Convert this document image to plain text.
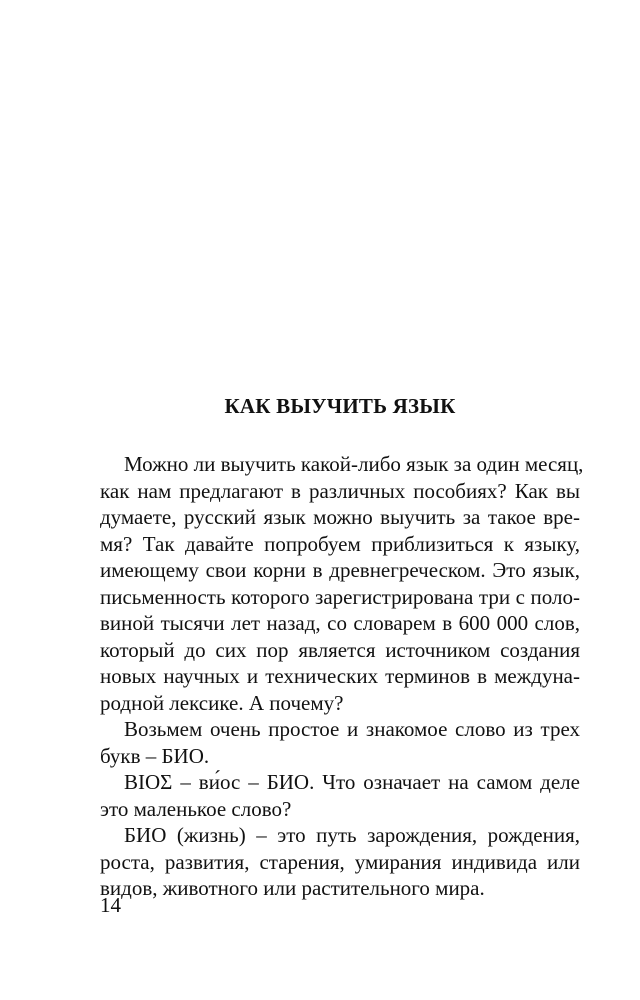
КАК ВЫУЧИТЬ ЯЗЫК
Можно ли выучить какой-либо язык за один месяц,
как нам предлагают в различных пособиях? Как вы
думаете, русский язык можно выучить за такое вре-
мя? Так давайте попробуем приблизиться к языку,
имеющему свои корни в древнегреческом. Это язык,
письменность которого зарегистрирована три с поло-
виной тысячи лет назад, со словарем в 600 000 слов,
который до сих пор является источником создания
новых научных и технических терминов в междуна-
родной лексике. А почему?
Возьмем очень простое и знакомое слово из трех
букв – БИО.
ΒΙΟΣ – ви́ос – БИО. Что означает на самом деле
это маленькое слово?
БИО (жизнь) – это путь зарождения, рождения,
роста, развития, старения, умирания индивида или
видов, животного или растительного мира.

14
